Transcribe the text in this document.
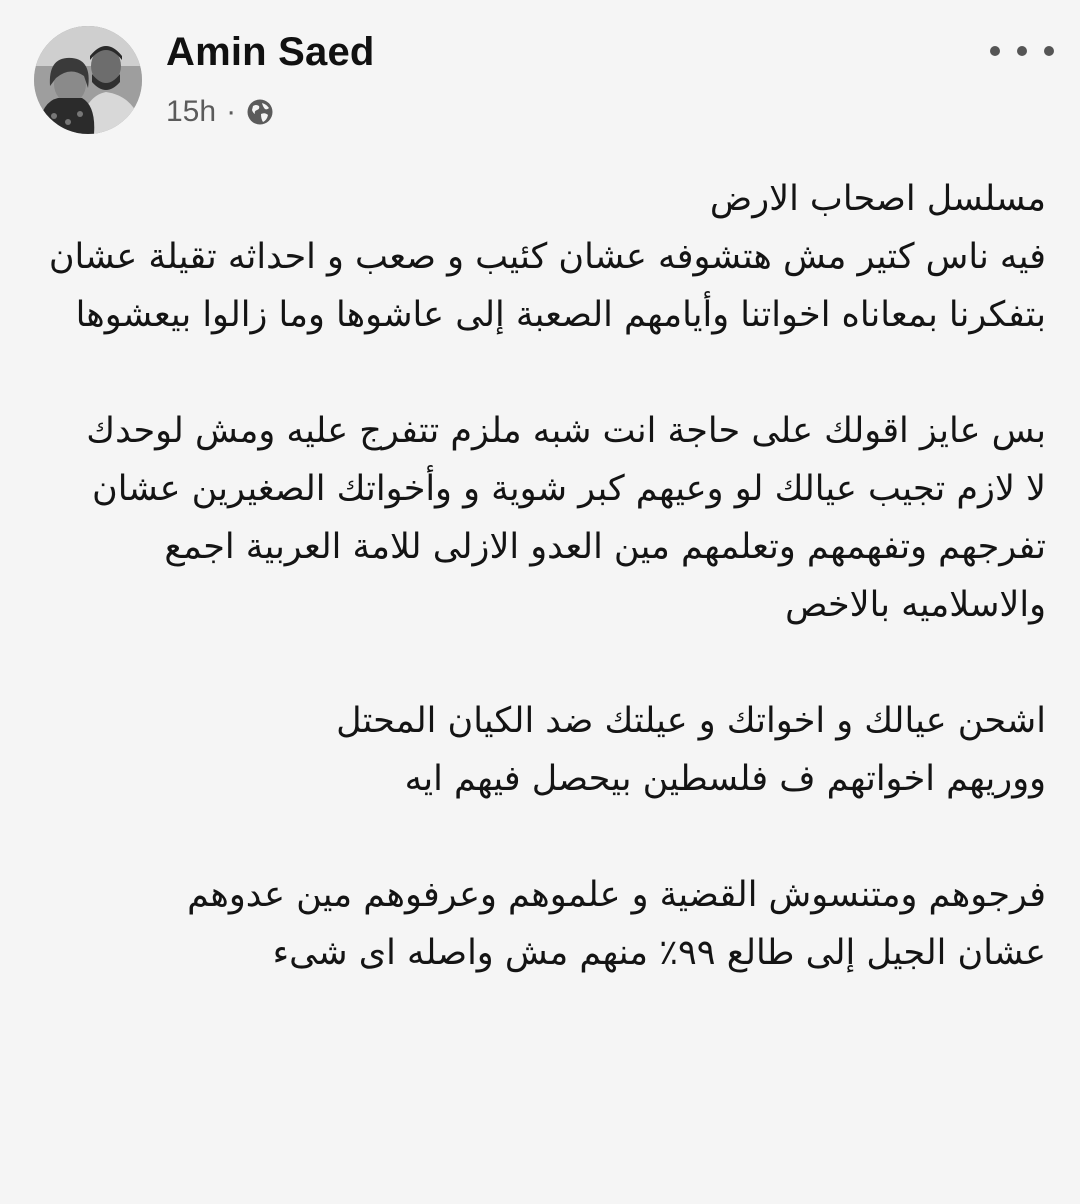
Amin Saed
15h ·

مسلسل اصحاب الارض

فيه ناس كتير مش هتشوفه عشان كئيب و صعب و احداثه تقيلة عشان بتفكرنا بمعاناه اخواتنا وأيامهم الصعبة إلى عاشوها وما زالوا بيعشوها

بس عايز اقولك على حاجة انت شبه ملزم تتفرج عليه ومش لوحدك

لا لازم تجيب عيالك لو وعيهم كبر شوية و وأخواتك الصغيرين عشان تفرجهم وتفهمهم وتعلمهم مين العدو الازلى للامة العربية اجمع والاسلاميه بالاخص

اشحن عيالك و اخواتك و عيلتك ضد الكيان المحتل

ووريهم اخواتهم ف فلسطين بيحصل فيهم ايه

فرجوهم ومتنسوش القضية و علموهم وعرفوهم مين عدوهم

عشان الجيل إلى طالع ٩٩٪ منهم مش واصله اى شىء
